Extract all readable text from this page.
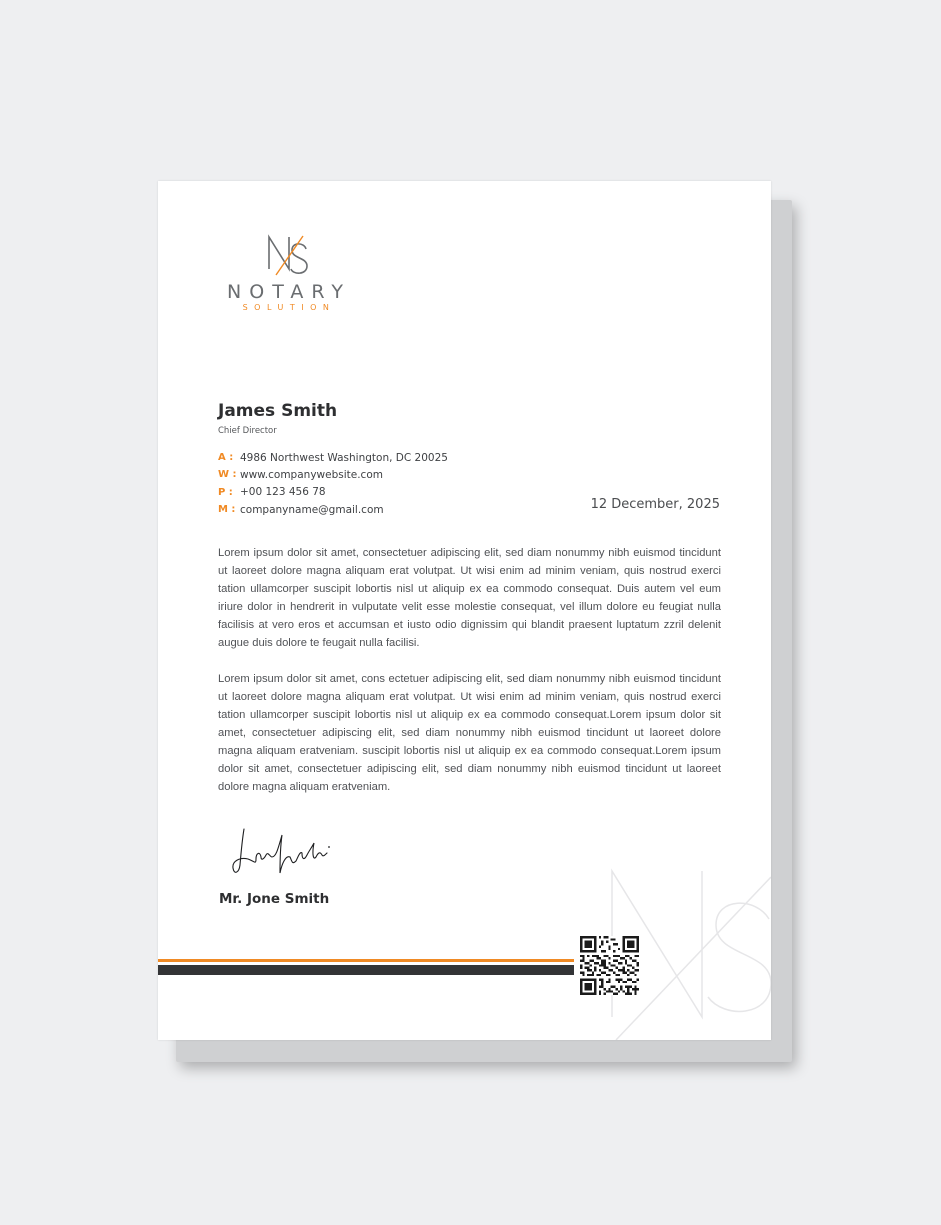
NOTARY
SOLUTION
James Smith
Chief Director
A : 4986 Northwest Washington, DC 20025
W : www.companywebsite.com
P : +00 123 456 78
M : companyname@gmail.com	12 December, 2025

Lorem ipsum dolor sit amet, consectetuer adipiscing elit, sed diam nonummy nibh euismod tincidunt ut laoreet dolore magna aliquam erat volutpat. Ut wisi enim ad minim veniam, quis nostrud exerci tation ullamcorper suscipit lobortis nisl ut aliquip ex ea commodo consequat. Duis autem vel eum iriure dolor in hendrerit in vulputate velit esse molestie consequat, vel illum dolore eu feugiat nulla facilisis at vero eros et accumsan et iusto odio dignissim qui blandit praesent luptatum zzril delenit augue duis dolore te feugait nulla facilisi.

Lorem ipsum dolor sit amet, cons ectetuer adipiscing elit, sed diam nonummy nibh euismod tincidunt ut laoreet dolore magna aliquam erat volutpat. Ut wisi enim ad minim veniam, quis nostrud exerci tation ullamcorper suscipit lobortis nisl ut aliquip ex ea commodo consequat.Lorem ipsum dolor sit amet, consectetuer adipiscing elit, sed diam nonummy nibh euismod tincidunt ut laoreet dolore magna aliquam eratveniam. suscipit lobortis nisl ut aliquip ex ea commodo consequat.Lorem ipsum dolor sit amet, consectetuer adipiscing elit, sed diam nonummy nibh euismod tincidunt ut laoreet dolore magna aliquam eratveniam.

Mr. Jone Smith
